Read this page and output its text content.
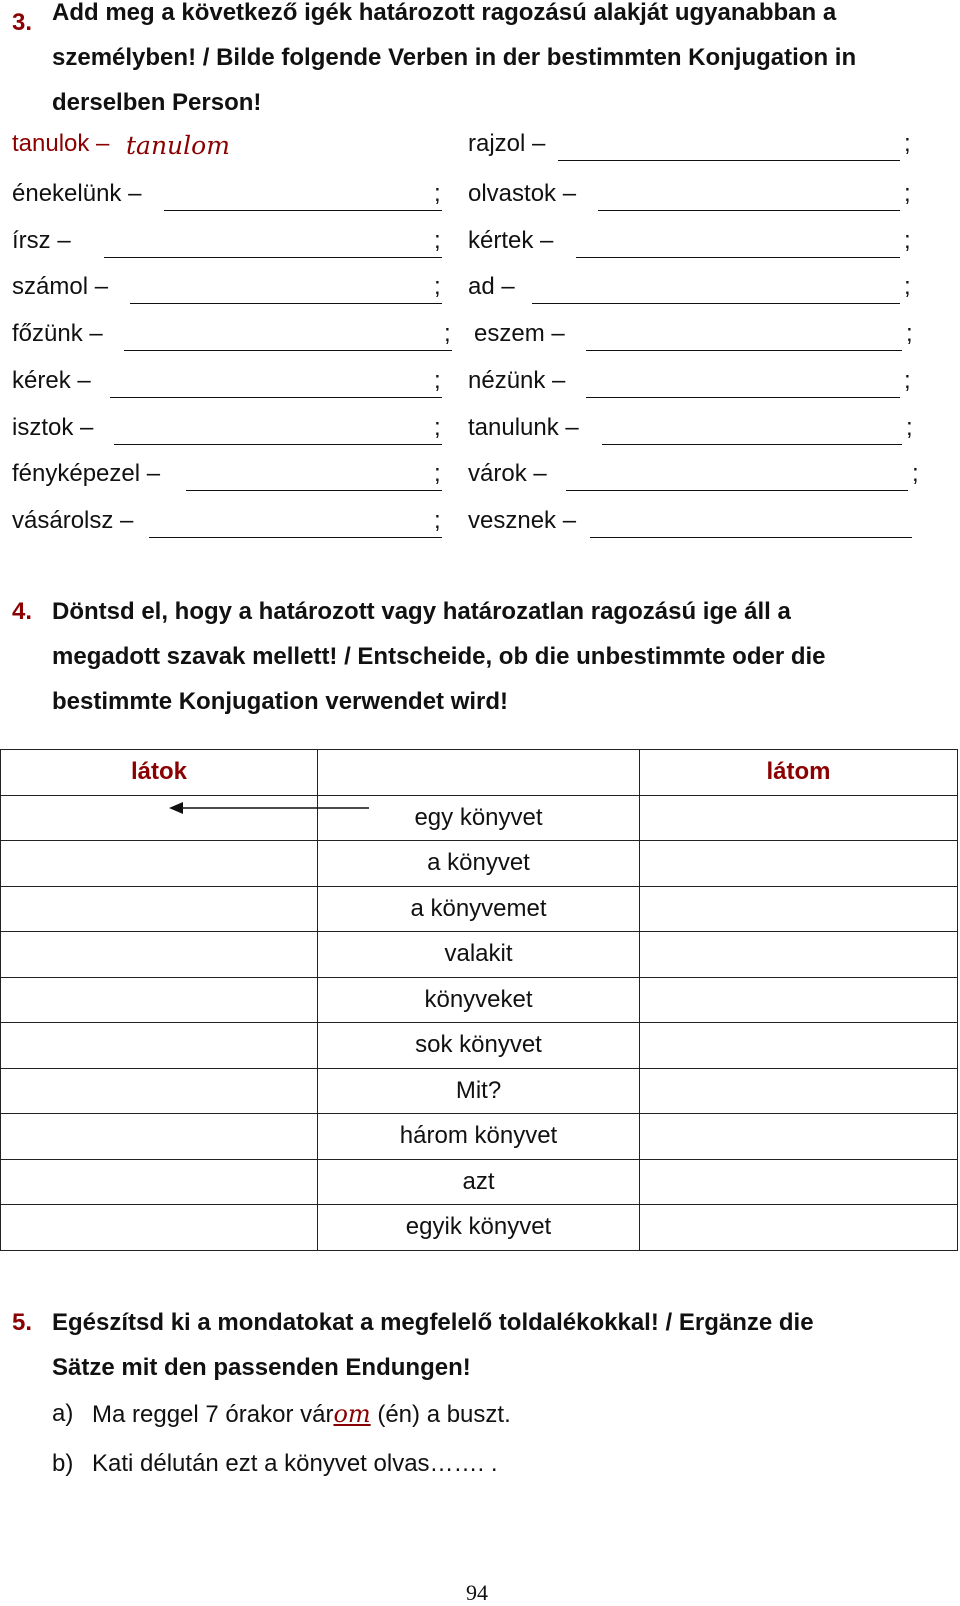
3. Add meg a következő igék határozott ragozású alakját ugyanabban a
személyben! / Bilde folgende Verben in der bestimmten Konjugation in
derselben Person!
tanulok – tanulom
énekelünk –	;
írsz –	;
számol –	;
főzünk –	;
kérek –	;
isztok –	;
fényképezel –	;
vásárolsz –	;
rajzol –	;
olvastok –	;
kértek –	;
ad –	;
eszem –	;
nézünk –	;
tanulunk –	;
várok –	;
vesznek –
4. Döntsd el, hogy a határozott vagy határozatlan ragozású ige áll a
megadott szavak mellett! / Entscheide, ob die unbestimmte oder die
bestimmte Konjugation verwendet wird!
látok		látom

	egy könyvet	
	a könyvet	
	a könyvemet	
	valakit	
	könyveket	
	sok könyvet	
	Mit?	
	három könyvet	
	azt	
	egyik könyvet	
5. Egészítsd ki a mondatokat a megfelelő toldalékokkal! / Ergänze die
Sätze mit den passenden Endungen!
a) Ma reggel 7 órakor várom (én) a buszt.
b) Kati délután ezt a könyvet olvas……. .
94
